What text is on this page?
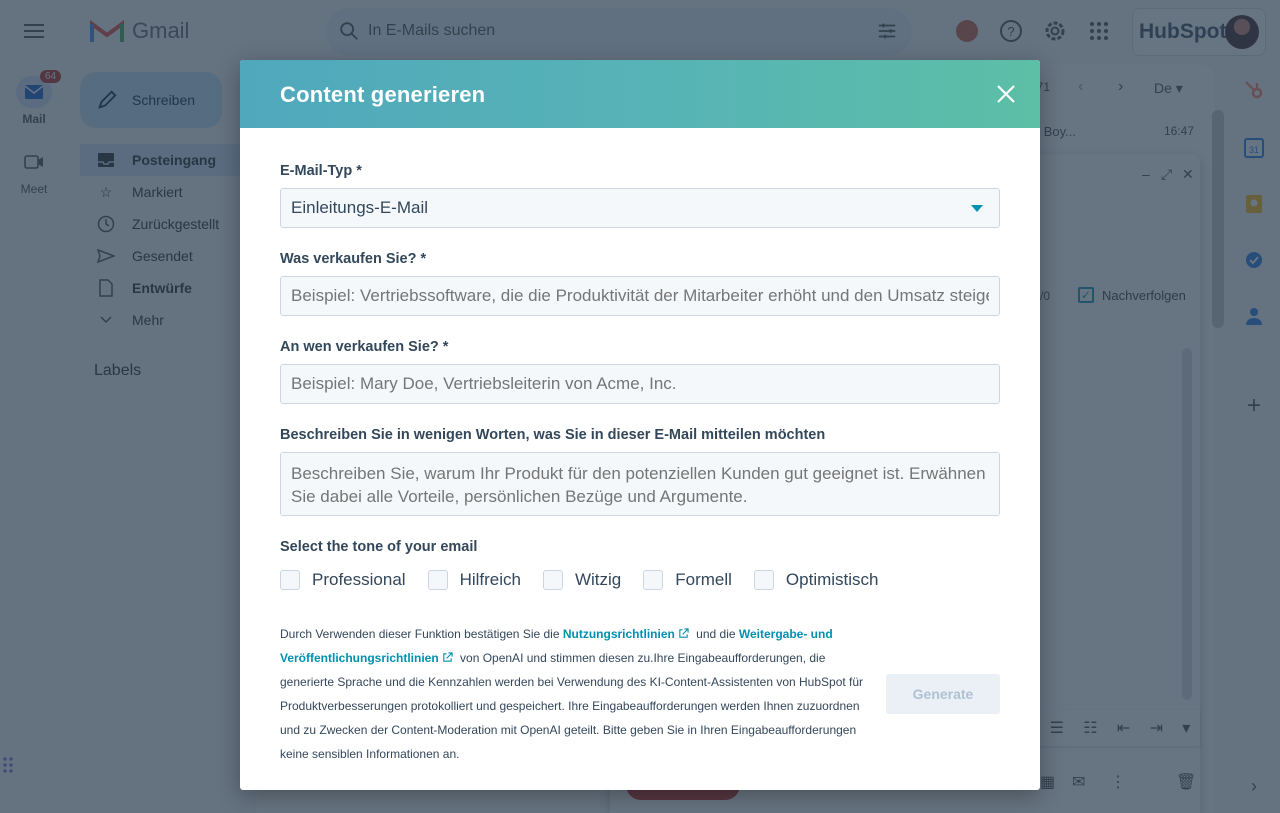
Content generieren
E-Mail-Typ *
Einleitungs-E-Mail
Was verkaufen Sie? *
Beispiel: Vertriebssoftware, die die Produktivität der Mitarbeiter erhöht und den Umsatz steigert
An wen verkaufen Sie? *
Beispiel: Mary Doe, Vertriebsleiterin von Acme, Inc.
Beschreiben Sie in wenigen Worten, was Sie in dieser E-Mail mitteilen möchten
Beschreiben Sie, warum Ihr Produkt für den potenziellen Kunden gut geeignet ist. Erwähnen Sie dabei alle Vorteile, persönlichen Bezüge und Argumente.
Select the tone of your email
Professional	Hilfreich	Witzig	Formell	Optimistisch

Durch Verwenden dieser Funktion bestätigen Sie die Nutzungsrichtlinien und die Weitergabe- und Veröffentlichungsrichtlinien von OpenAI und stimmen diesen zu.Ihre Eingabeaufforderungen, die generierte Sprache und die Kennzahlen werden bei Verwendung des KI-Content-Assistenten von HubSpot für Produktverbesserungen protokolliert und gespeichert. Ihre Eingabeaufforderungen werden Ihnen zuzuordnen und zu Zwecken der Content-Moderation mit OpenAI geteilt. Bitte geben Sie in Ihren Eingabeaufforderungen keine sensiblen Informationen an.

Generate
